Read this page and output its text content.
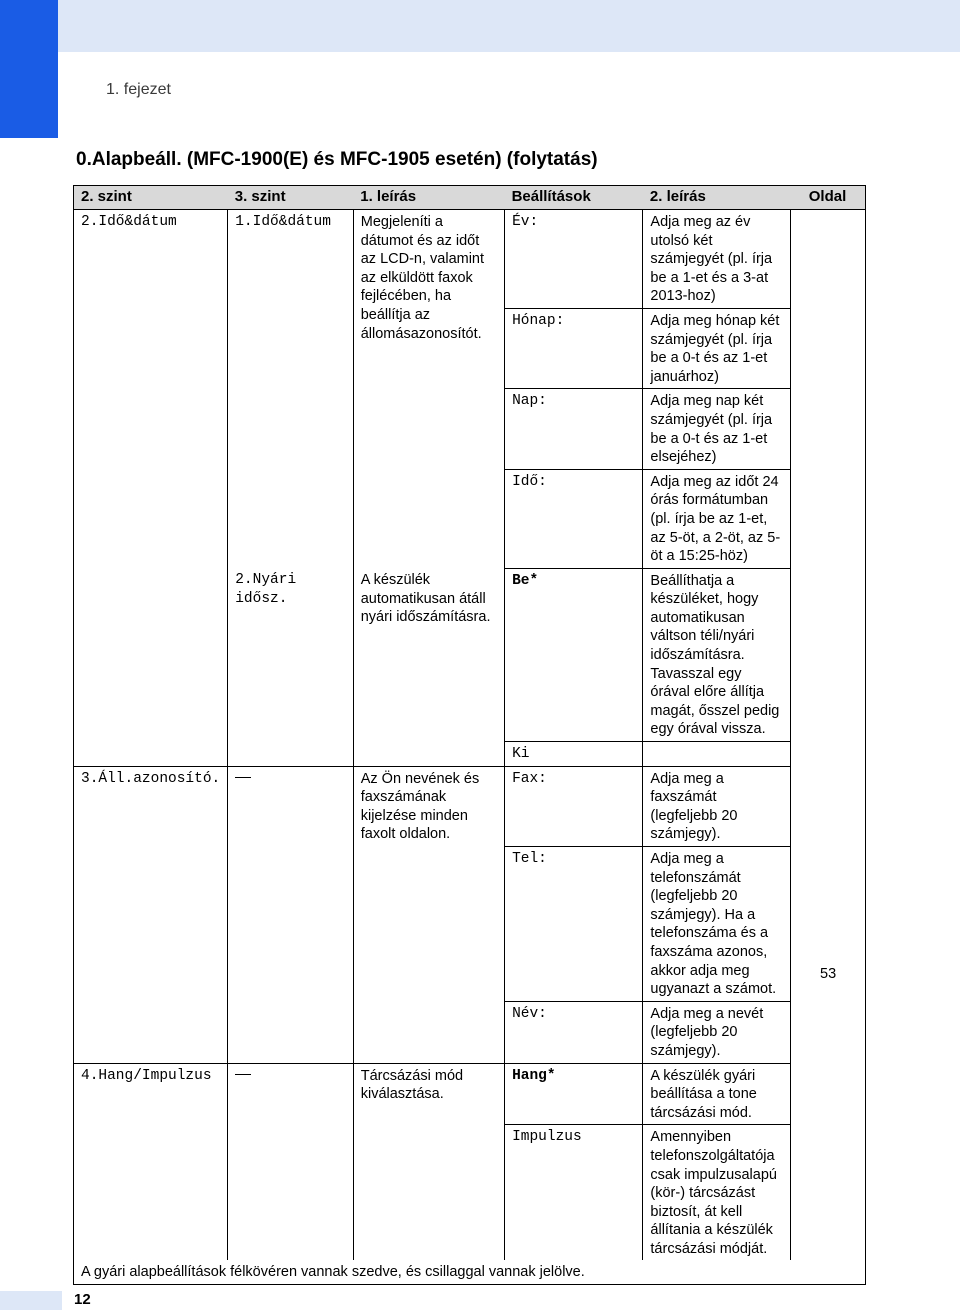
1. fejezet
0.Alapbeáll. (MFC-1900(E) és MFC-1905 esetén) (folytatás)
2. szint	3. szint	1. leírás	Beállítások	2. leírás	Oldal
2.Idő&dátum	1.Idő&dátum	Megjeleníti a dátumot és az időt az LCD-n, valamint az elküldött faxok fejlécében, ha beállítja az állomásazonosítót.	Év:	Adja meg az év utolsó két számjegyét (pl. írja be a 1-et és a 3-at 2013-hoz)	
			Hónap:	Adja meg hónap két számjegyét (pl. írja be a 0-t és az 1-et januárhoz)	
			Nap:	Adja meg nap két számjegyét (pl. írja be a 0-t és az 1-et elsejéhez)	
			Idő:	Adja meg az időt 24 órás formátumban (pl. írja be az 1-et, az 5-öt, a 2-öt, az 5-öt a 15:25-höz)	
	2.Nyári idősz.	A készülék automatikusan átáll nyári időszámításra.	Be*	Beállíthatja a készüléket, hogy automatikusan váltson téli/nyári időszámításra. Tavasszal egy órával előre állítja magát, ősszel pedig egy órával vissza.	
			Ki		
3.Áll.azonosító.		Az Ön nevének és faxszámának kijelzése minden faxolt oldalon.	Fax:	Adja meg a faxszámát (legfeljebb 20 számjegy).	
			Tel:	Adja meg a telefonszámát (legfeljebb 20 számjegy). Ha a telefonszáma és a faxszáma azonos, akkor adja meg ugyanazt a számot.	
			Név:	Adja meg a nevét (legfeljebb 20 számjegy).	
4.Hang/Impulzus		Tárcsázási mód kiválasztása.	Hang*	A készülék gyári beállítása a tone tárcsázási mód.	
			Impulzus	Amennyiben telefonszolgáltatója csak impulzusalapú (kör-) tárcsázást biztosít, át kell állítania a készülék tárcsázási módját.	
A gyári alapbeállítások félkövéren vannak szedve, és csillaggal vannak jelölve.					
53
12
